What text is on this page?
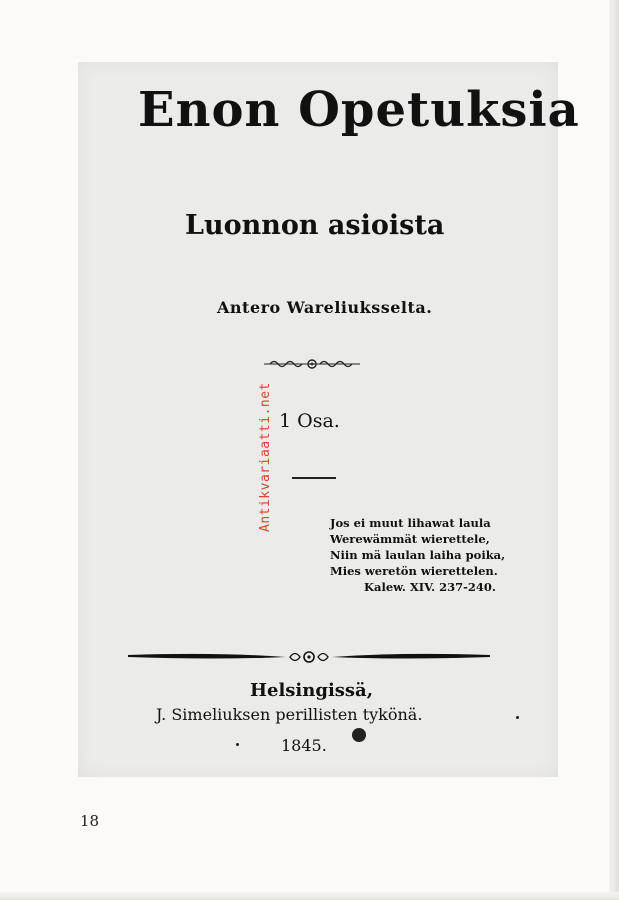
Enon Opetuksia
Luonnon asioista
Antero Wareliuksselta.
1 Osa.
Jos ei muut lihawat laula
Werewämmät wierettele,
Niin mä laulan laiha poika,
Mies weretön wierettelen.
Kalew. XIV. 237-240.
Helsingissä,
J. Simeliuksen perillisten tykönä.
1845.
Antikvariaatti.net
18
